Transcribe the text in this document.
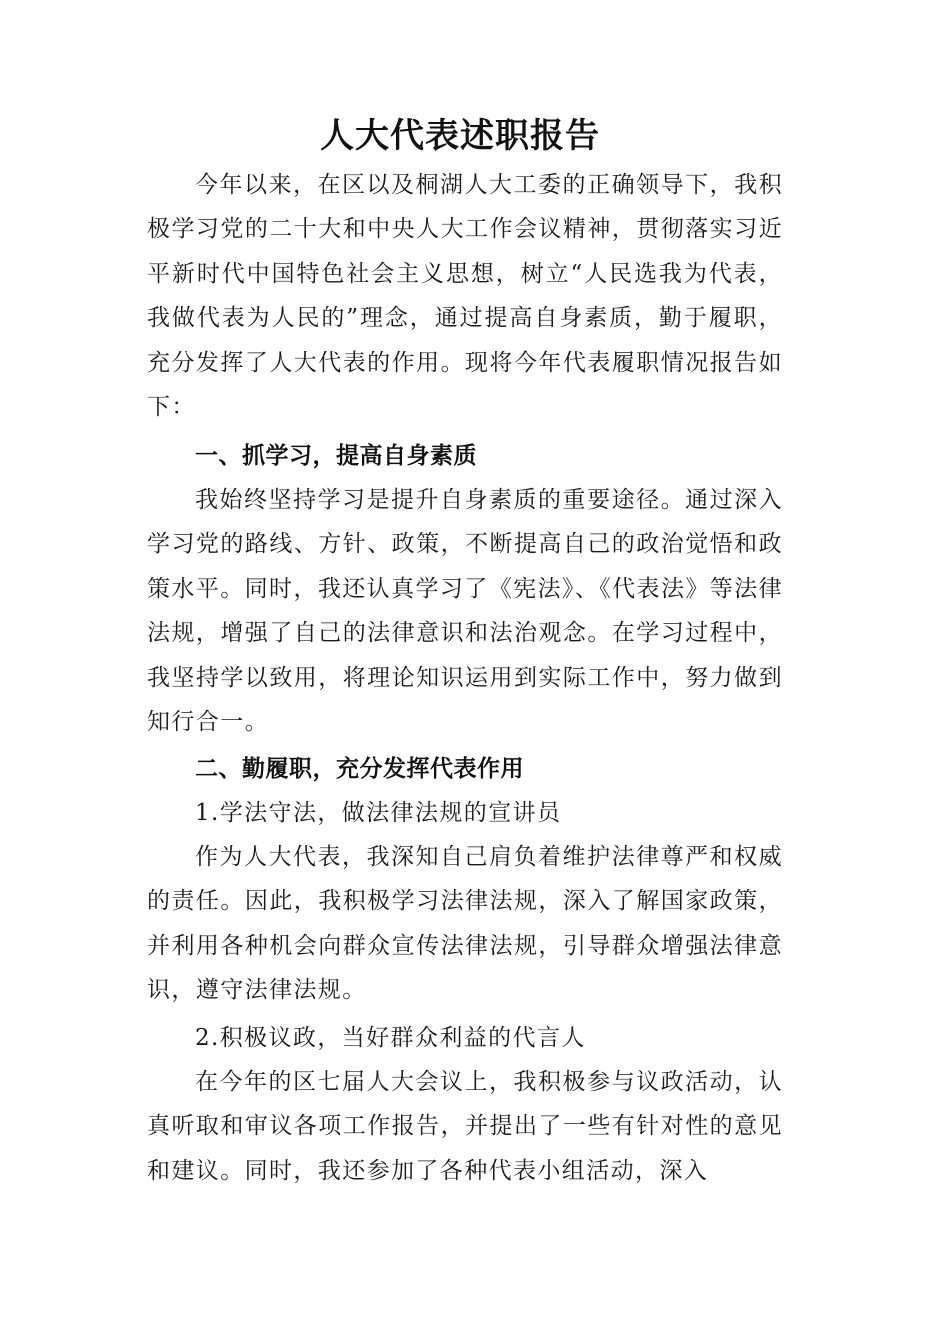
人大代表述职报告

今年以来，在区以及桐湖人大工委的正确领导下，我积极学习党的二十大和中央人大工作会议精神，贯彻落实习近平新时代中国特色社会主义思想，树立“人民选我为代表，我做代表为人民的”理念，通过提高自身素质，勤于履职，充分发挥了人大代表的作用。现将今年代表履职情况报告如下：

一、抓学习，提高自身素质

我始终坚持学习是提升自身素质的重要途径。通过深入学习党的路线、方针、政策，不断提高自己的政治觉悟和政策水平。同时，我还认真学习了《宪法》、《代表法》等法律法规，增强了自己的法律意识和法治观念。在学习过程中，我坚持学以致用，将理论知识运用到实际工作中，努力做到知行合一。

二、勤履职，充分发挥代表作用

1.学法守法，做法律法规的宣讲员

作为人大代表，我深知自己肩负着维护法律尊严和权威的责任。因此，我积极学习法律法规，深入了解国家政策，并利用各种机会向群众宣传法律法规，引导群众增强法律意识，遵守法律法规。

2.积极议政，当好群众利益的代言人

在今年的区七届人大会议上，我积极参与议政活动，认真听取和审议各项工作报告，并提出了一些有针对性的意见和建议。同时，我还参加了各种代表小组活动，深入
